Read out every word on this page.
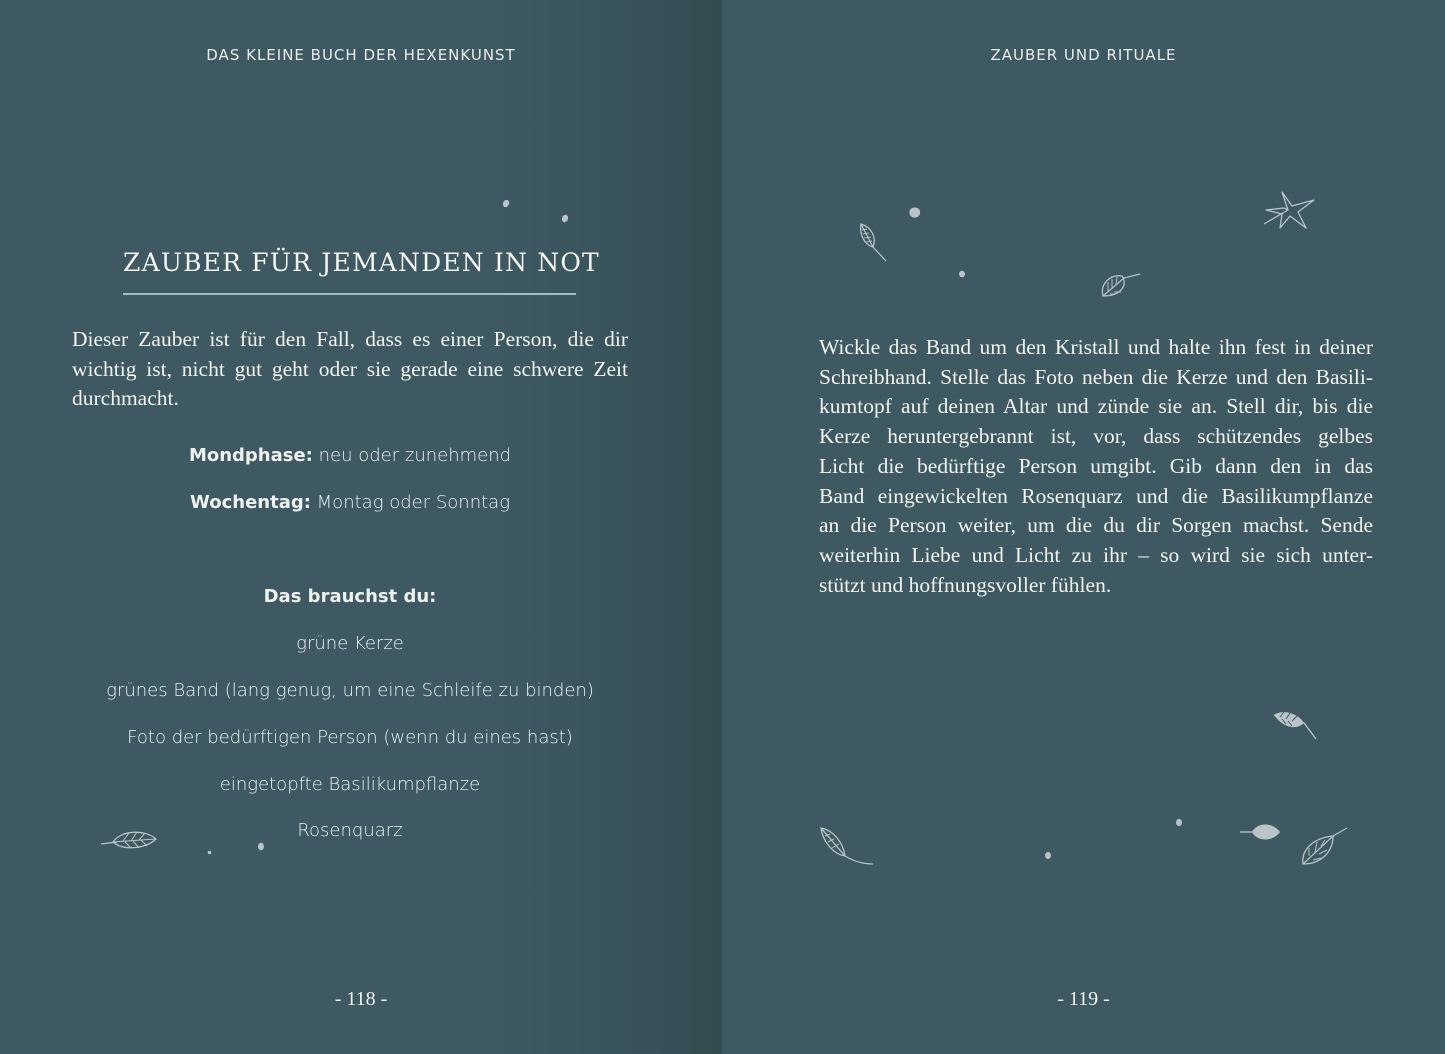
DAS KLEINE BUCH DER HEXENKUNST
ZAUBER FÜR JEMANDEN IN NOT
Dieser Zauber ist für den Fall, dass es einer Person, die dir wichtig ist, nicht gut geht oder sie gerade eine schwere Zeit durchmacht.
Mondphase: neu oder zunehmend
Wochentag: Montag oder Sonntag
Das brauchst du:
grüne Kerze
grünes Band (lang genug, um eine Schleife zu binden)
Foto der bedürftigen Person (wenn du eines hast)
eingetopfte Basilikumpflanze
Rosenquarz
- 118 -
ZAUBER UND RITUALE
Wickle das Band um den Kristall und halte ihn fest in deiner
Schreibhand. Stelle das Foto neben die Kerze und den Basili-
kumtopf auf deinen Altar und zünde sie an. Stell dir, bis die
Kerze heruntergebrannt ist, vor, dass schützendes gelbes
Licht die bedürftige Person umgibt. Gib dann den in das
Band eingewickelten Rosenquarz und die Basilikumpflanze
an die Person weiter, um die du dir Sorgen machst. Sende
weiterhin Liebe und Licht zu ihr – so wird sie sich unter-
stützt und hoffnungsvoller fühlen.
- 119 -
